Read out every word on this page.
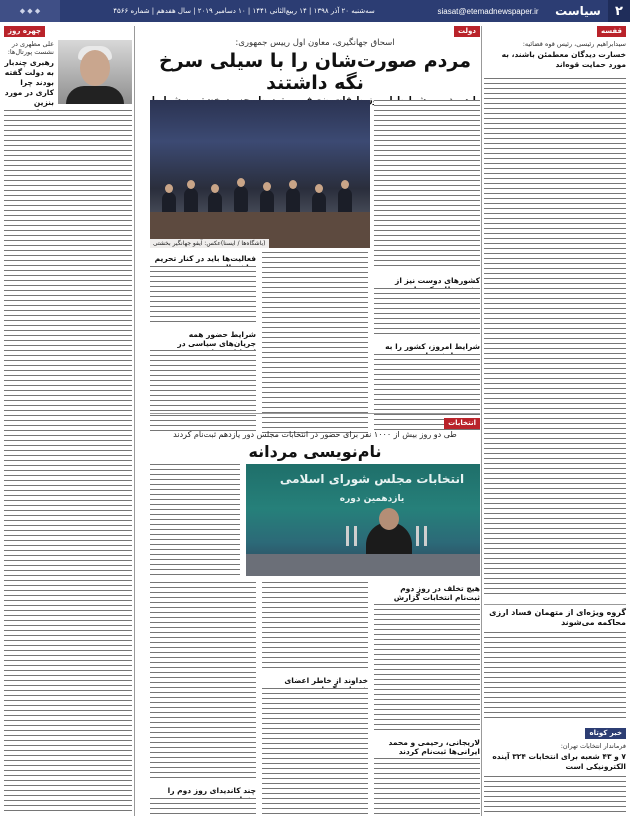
۲
سیاست
siasat@etemadnewspaper.ir
سه‌شنبه ۲۰ آذر ۱۳۹۸ | ۱۴ ربیع‌الثانی ۱۴۴۱ | ۱۰ دسامبر ۲۰۱۹ | سال هفدهم | شماره ۴۵۶۶
◆ ◆ ◆
قفسه

سیدابراهیم رئیسی، رئیس قوه قضائیه:

خسارت دیدگان معطمئن باشند، به مورد حمایت قوه‌اند

گروه ویژه‌ای از متهمان فساد ارزی محاکمه می‌شوند

خبر کوتاه

فرماندار انتخابات تهران:

۷ و ۴۳ شعبه برای انتخابات ۳۲۴ آینده الکترونیکی است

دولت

اسحاق جهانگیری، معاون اول رییس جمهوری:

مردم صورت‌شان را با سیلی سرخ نگه داشتند

(باشگاه‌ها / ایسنا)عکس: آیفو جهانگیر بخشتی

فعالیت‌ها باید در کنار تحریم

شرایط حضور همه جریان‌های سیاسی در

کشورهای دوست نیز از

شرایط امروز، کشور را به

چهره روز

علی مطهری در نشست پورتال‌ها:

رهبری چندبار به دولت گفته بودند چرا کاری در مورد بنزین

انتخابات

طی دو روز بیش از ۱۰۰۰ نفر برای حضور در انتخابات مجلس دور یازدهم ثبت‌نام کردند

نام‌نویسی مردانه

انتخابات مجلس شورای اسلامی
یازدهمین دوره

هیچ تخلف در روز دوم ثبت‌نام انتخابات گزارش

لاریجانی، رحیمی و محمد ایرانی‌ها ثبت‌نام کردند

خداوند از خاطر اعضای

چند کاندیدای روز دوم را
